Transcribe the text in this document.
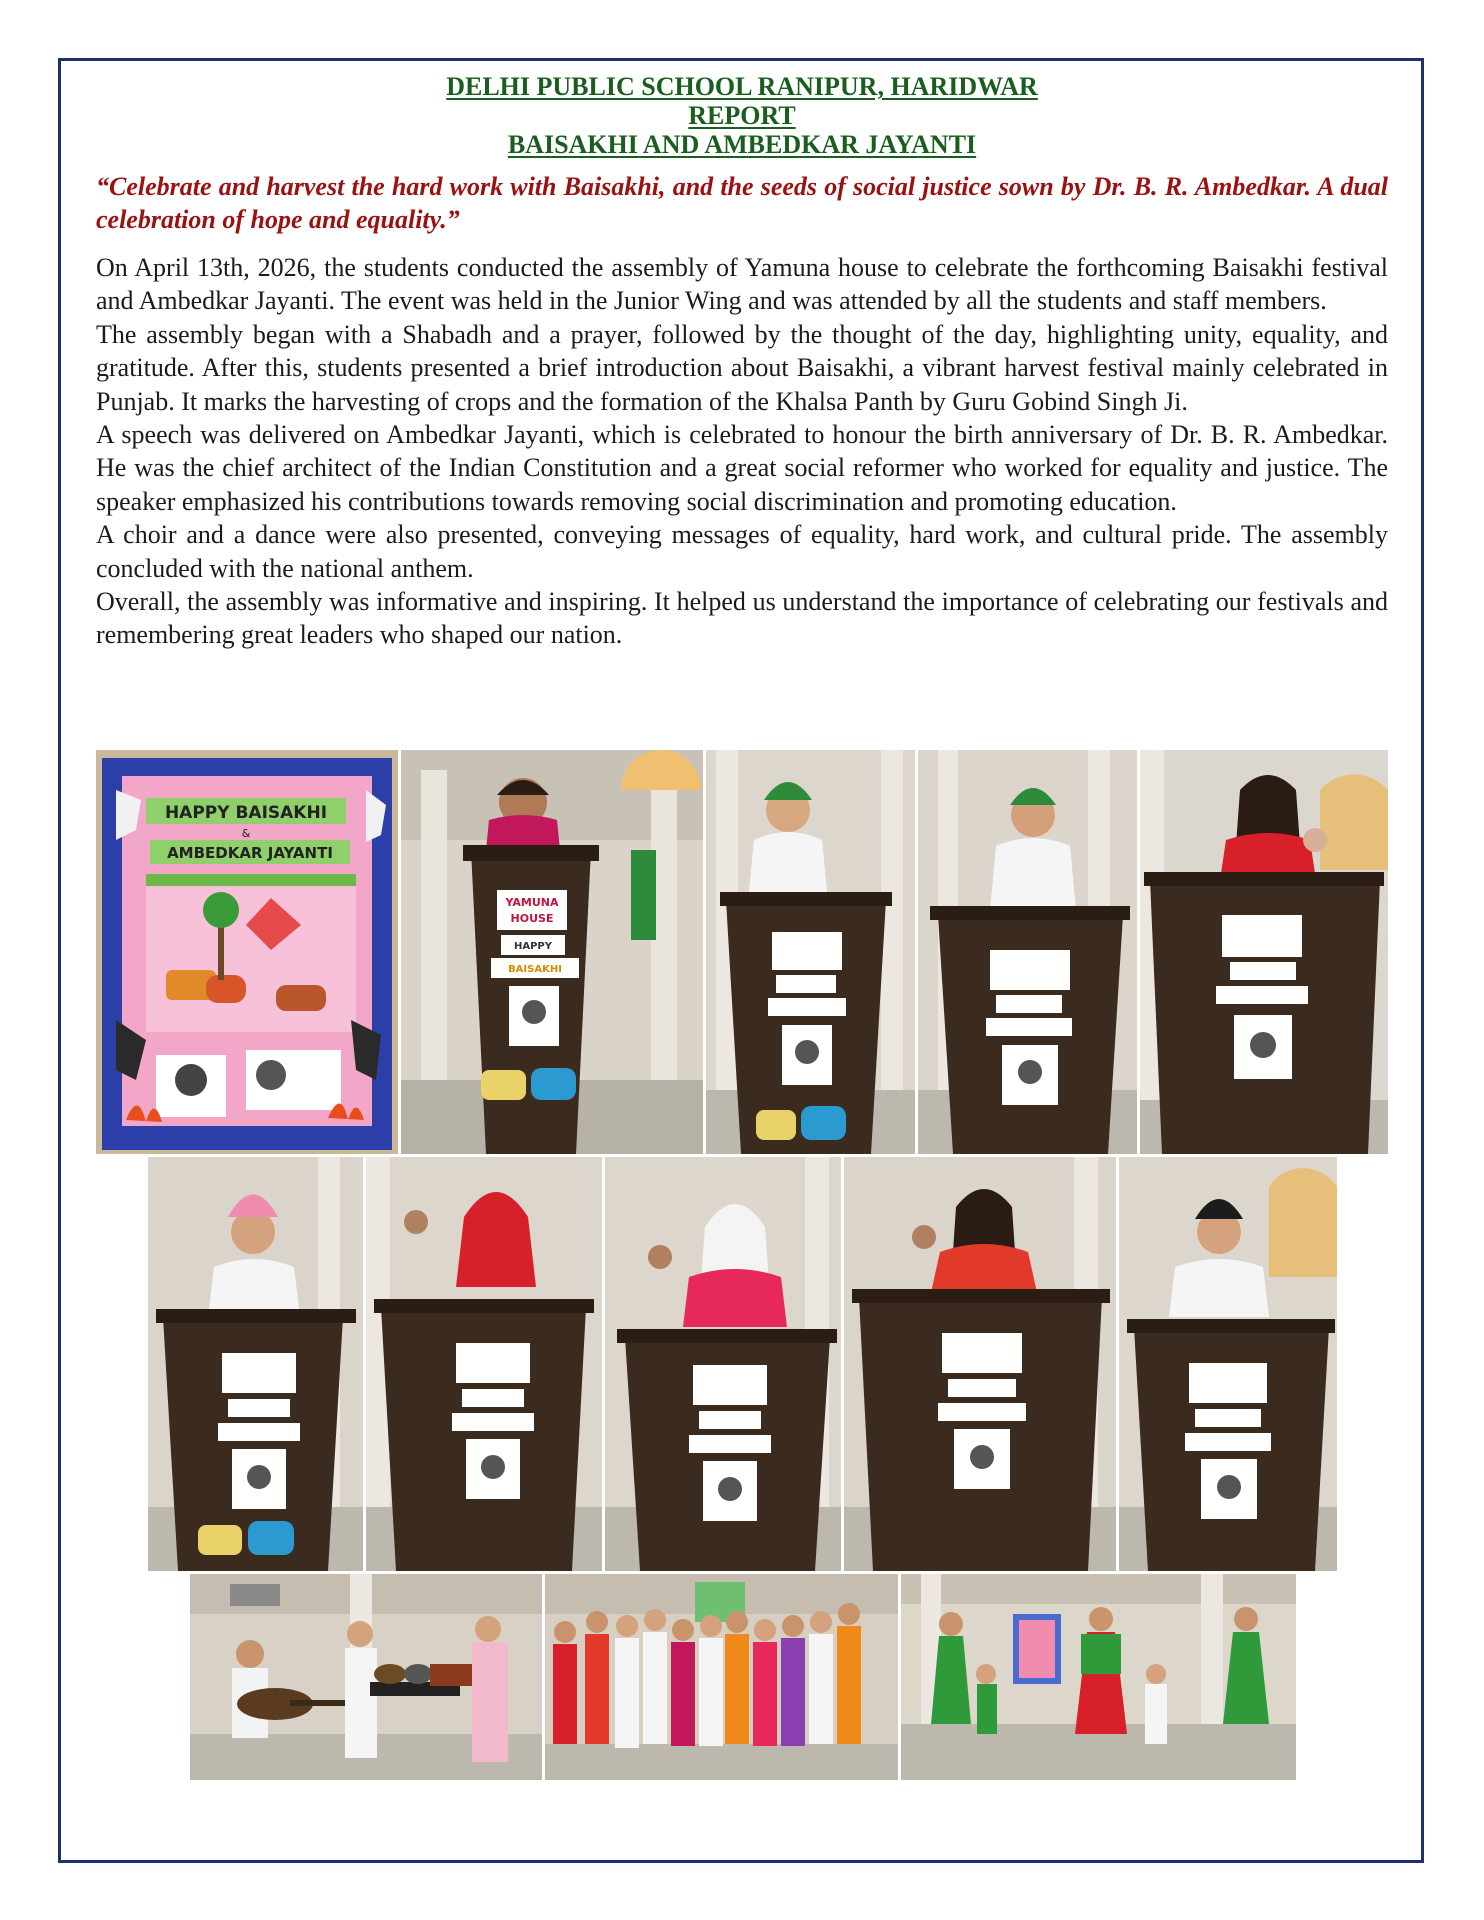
DELHI PUBLIC SCHOOL RANIPUR, HARIDWAR
REPORT
BAISAKHI AND AMBEDKAR JAYANTI
“Celebrate and harvest the hard work with Baisakhi, and the seeds of social justice sown by Dr. B. R. Ambedkar. A dual celebration of hope and equality.”

On April 13th, 2026, the students conducted the assembly of Yamuna house to celebrate the forthcoming Baisakhi festival and Ambedkar Jayanti. The event was held in the Junior Wing and was attended by all the students and staff members.

The assembly began with a Shabadh and a prayer, followed by the thought of the day, highlighting unity, equality, and gratitude. After this, students presented a brief introduction about Baisakhi, a vibrant harvest festival mainly celebrated in Punjab. It marks the harvesting of crops and the formation of the Khalsa Panth by Guru Gobind Singh Ji.

A speech was delivered on Ambedkar Jayanti, which is celebrated to honour the birth anniversary of Dr. B. R. Ambedkar. He was the chief architect of the Indian Constitution and a great social reformer who worked for equality and justice. The speaker emphasized his contributions towards removing social discrimination and promoting education.

A choir and a dance were also presented, conveying messages of equality, hard work, and cultural pride. The assembly concluded with the national anthem.

Overall, the assembly was informative and inspiring. It helped us understand the importance of celebrating our festivals and remembering great leaders who shaped our nation.

HAPPY BAISAKHI
&
AMBEDKAR JAYANTI
YAMUNA
HOUSE
HAPPY
BAISAKHI
